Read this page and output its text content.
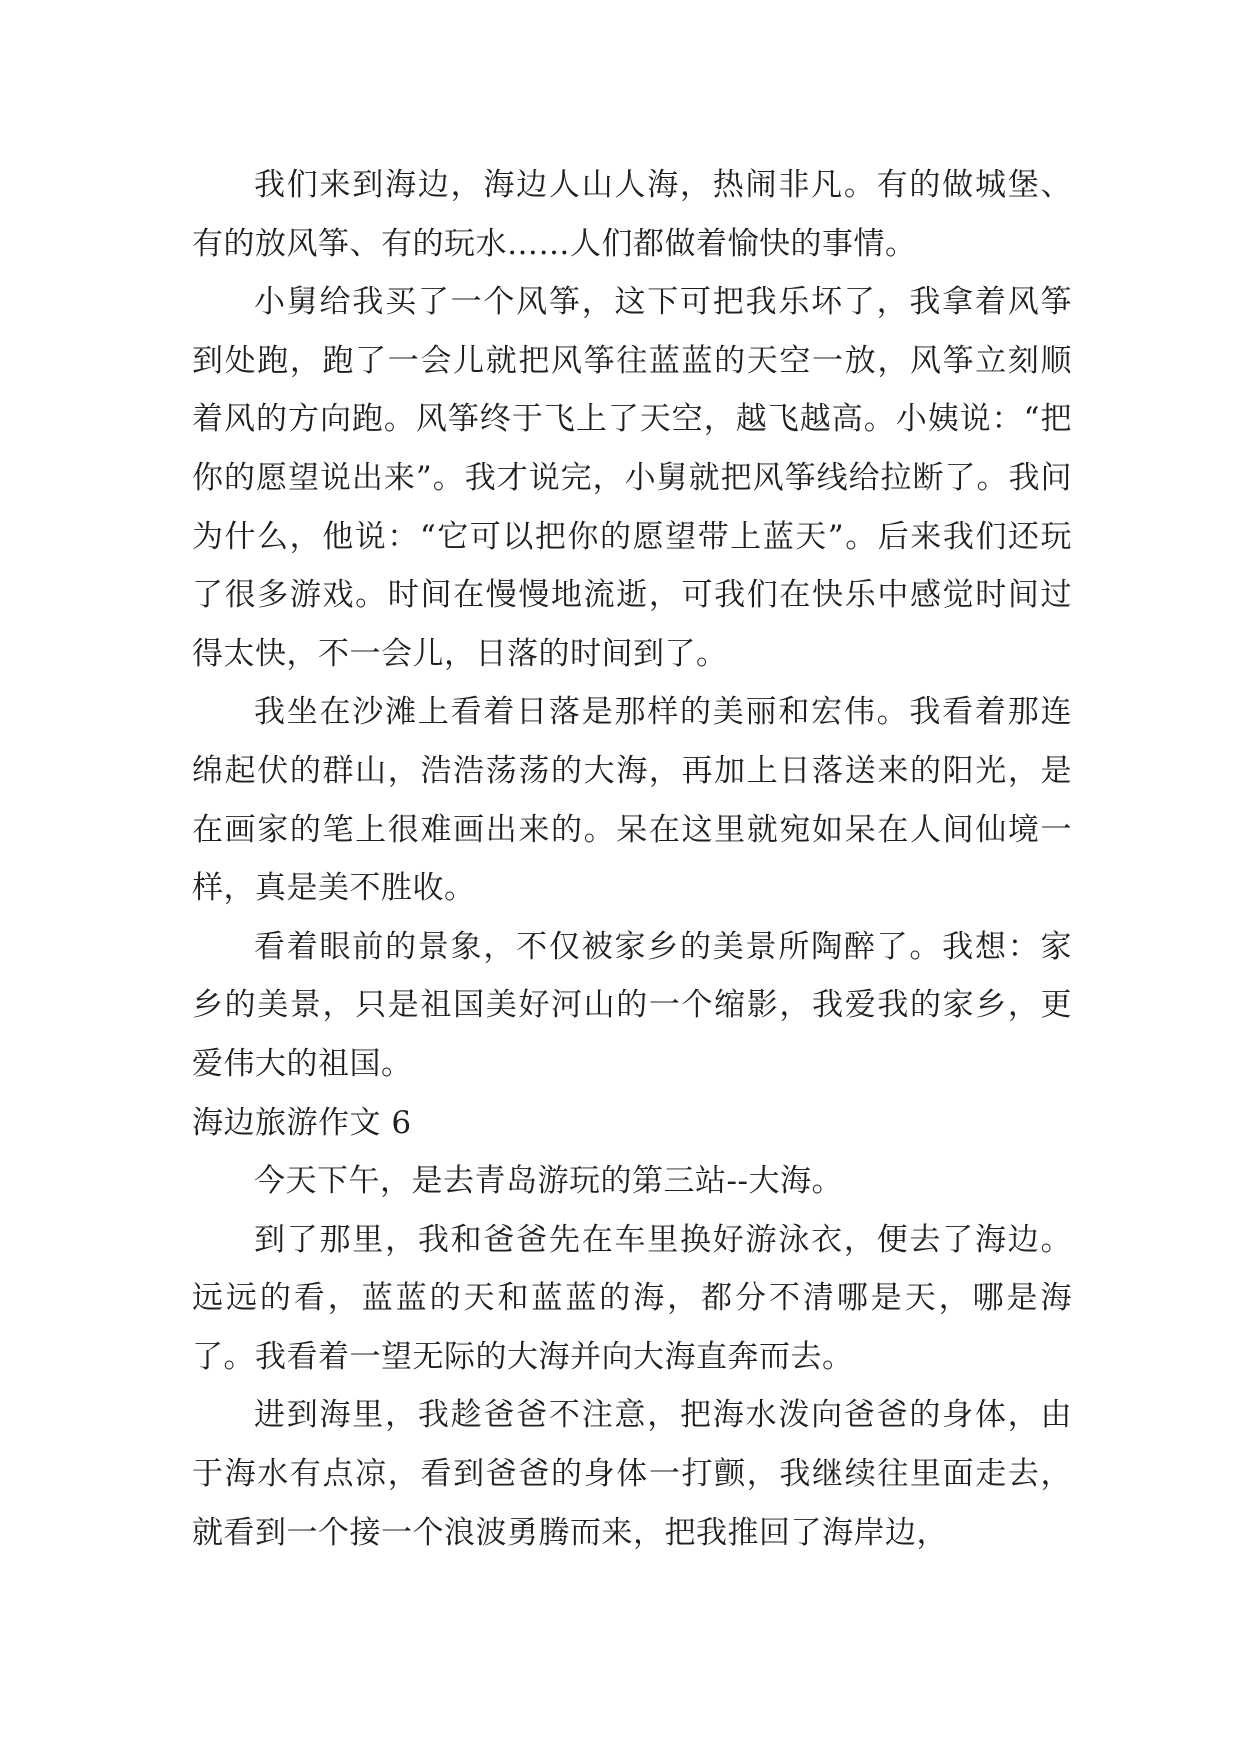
我们来到海边，海边人山人海，热闹非凡。有的做城堡、有的放风筝、有的玩水……人们都做着愉快的事情。

小舅给我买了一个风筝，这下可把我乐坏了，我拿着风筝到处跑，跑了一会儿就把风筝往蓝蓝的天空一放，风筝立刻顺着风的方向跑。风筝终于飞上了天空，越飞越高。小姨说：“把你的愿望说出来”。我才说完，小舅就把风筝线给拉断了。我问为什么，他说：“它可以把你的愿望带上蓝天”。后来我们还玩了很多游戏。时间在慢慢地流逝，可我们在快乐中感觉时间过得太快，不一会儿，日落的时间到了。

我坐在沙滩上看着日落是那样的美丽和宏伟。我看着那连绵起伏的群山，浩浩荡荡的大海，再加上日落送来的阳光，是在画家的笔上很难画出来的。呆在这里就宛如呆在人间仙境一样，真是美不胜收。

看着眼前的景象，不仅被家乡的美景所陶醉了。我想：家乡的美景，只是祖国美好河山的一个缩影，我爱我的家乡，更爱伟大的祖国。

海边旅游作文 6

今天下午，是去青岛游玩的第三站--大海。

到了那里，我和爸爸先在车里换好游泳衣，便去了海边。远远的看，蓝蓝的天和蓝蓝的海，都分不清哪是天，哪是海了。我看着一望无际的大海并向大海直奔而去。

进到海里，我趁爸爸不注意，把海水泼向爸爸的身体，由于海水有点凉，看到爸爸的身体一打颤，我继续往里面走去，就看到一个接一个浪波勇腾而来，把我推回了海岸边，
